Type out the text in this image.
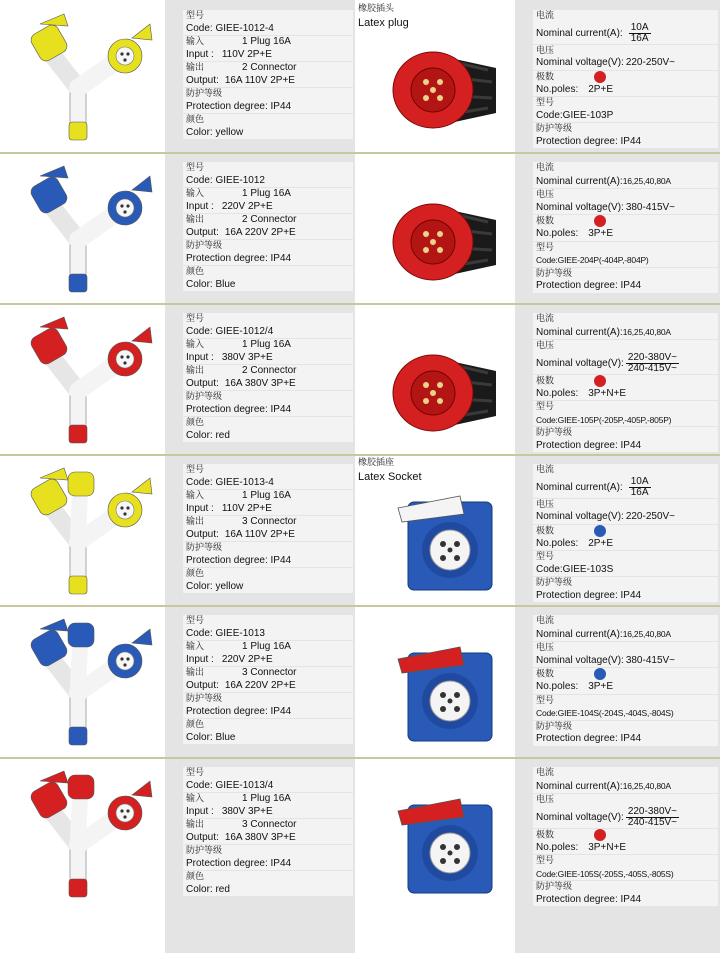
型号
Code: GIEE-1012-4
输入	1 Plug 16A
Input : 110V 2P+E
输出	2 Connector
Output: 16A 110V 2P+E
防护等级
Protection degree: IP44
颜色
Color: yellow
橡胶插头
Latex plug
电流
Nominal current(A): $\frac{10A}{16A}$
电压
Nominal voltage(V): 220-250V~
极数
No.poles: 2P+E
型号
Code:GIEE-103P
防护等级
Protection degree: IP44
型号
Code: GIEE-1012
输入	1 Plug 16A
Input : 220V 2P+E
输出	2 Connector
Output: 16A 220V 2P+E
防护等级
Protection degree: IP44
颜色
Color: Blue
电流
Nominal current(A):16,25,40,80A
电压
Nominal voltage(V): 380-415V~
极数
No.poles: 3P+E
型号
Code:GIEE-204P(-404P,-804P)
防护等级
Protection degree: IP44
型号
Code: GIEE-1012/4
输入	1 Plug 16A
Input : 380V 3P+E
输出	2 Connector
Output: 16A 380V 3P+E
防护等级
Protection degree: IP44
颜色
Color: red
电流
Nominal current(A):16,25,40,80A
电压
Nominal voltage(V): $\frac{220-380V\sim}{240-415V\sim}$
极数
No.poles: 3P+N+E
型号
Code:GIEE-105P(-205P,-405P,-805P)
防护等级
Protection degree: IP44
型号
Code: GIEE-1013-4
输入	1 Plug 16A
Input : 110V 2P+E
输出	3 Connector
Output: 16A 110V 2P+E
防护等级
Protection degree: IP44
颜色
Color: yellow
橡胶插座
Latex Socket
电流
Nominal current(A): $\frac{10A}{16A}$
电压
Nominal voltage(V): 220-250V~
极数
No.poles: 2P+E
型号
Code:GIEE-103S
防护等级
Protection degree: IP44
型号
Code: GIEE-1013
输入	1 Plug 16A
Input : 220V 2P+E
输出	3 Connector
Output: 16A 220V 2P+E
防护等级
Protection degree: IP44
颜色
Color: Blue
电流
Nominal current(A):16,25,40,80A
电压
Nominal voltage(V): 380-415V~
极数
No.poles: 3P+E
型号
Code:GIEE-104S(-204S,-404S,-804S)
防护等级
Protection degree: IP44
型号
Code: GIEE-1013/4
输入	1 Plug 16A
Input : 380V 3P+E
输出	3 Connector
Output: 16A 380V 3P+E
防护等级
Protection degree: IP44
颜色
Color: red
电流
Nominal current(A):16,25,40,80A
电压
Nominal voltage(V): $\frac{220-380V\sim}{240-415V\sim}$
极数
No.poles: 3P+N+E
型号
Code:GIEE-105S(-205S,-405S,-805S)
防护等级
Protection degree: IP44
